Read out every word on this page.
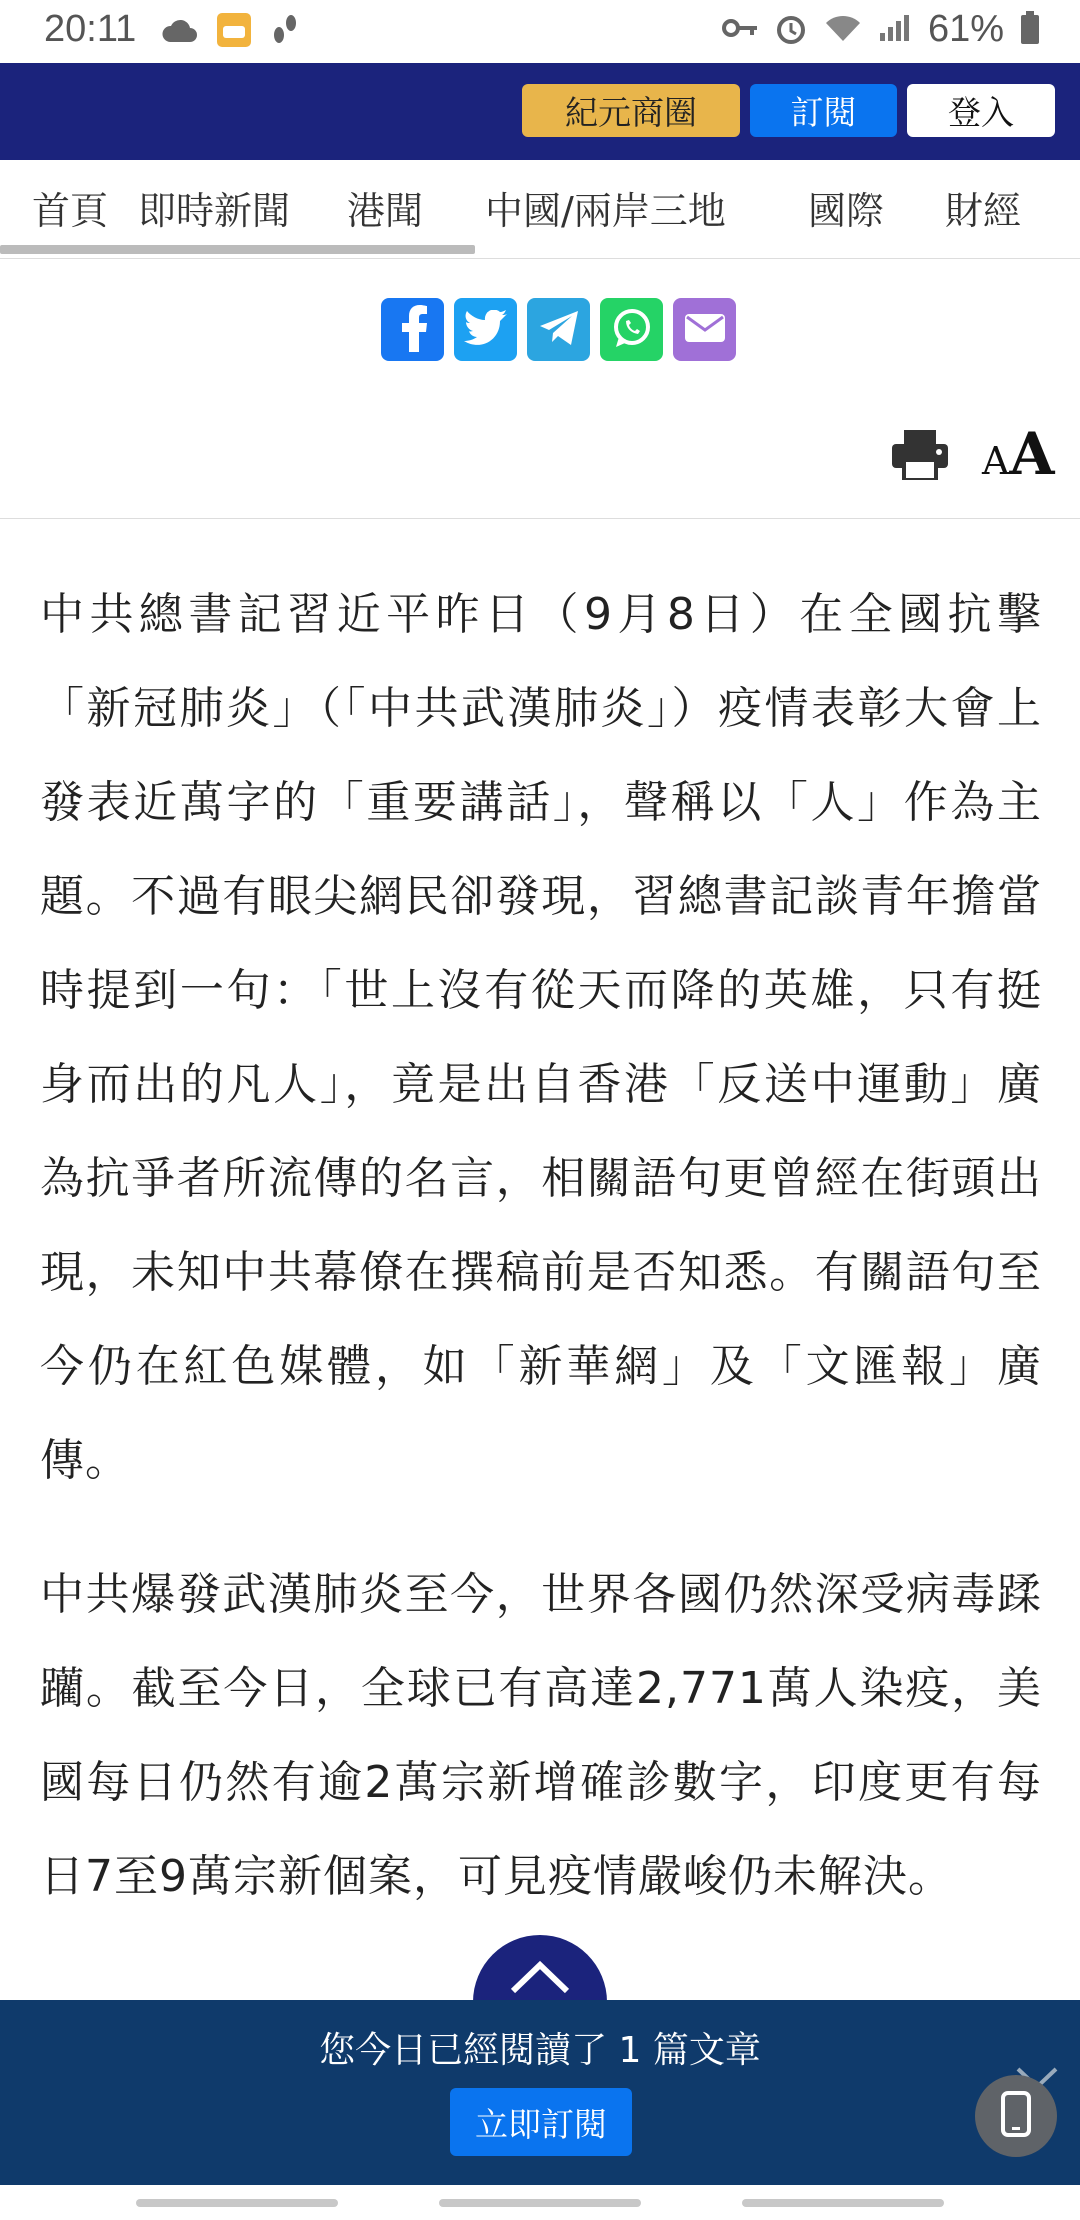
20:11	61%
紀元商圈	訂閱	登入
首頁 即時新聞 港聞 中國/兩岸三地 國際 財經
AA

中共總書記習近平昨日（9月8日）在全國抗擊「新冠肺炎」（「中共武漢肺炎」）疫情表彰大會上發表近萬字的「重要講話」，聲稱以「人」作為主題。不過有眼尖網民卻發現，習總書記談青年擔當時提到一句：「世上沒有從天而降的英雄，只有挺身而出的凡人」，竟是出自香港「反送中運動」廣為抗爭者所流傳的名言，相關語句更曾經在街頭出現，未知中共幕僚在撰稿前是否知悉。有關語句至今仍在紅色媒體，如「新華網」及「文匯報」廣傳。

中共爆發武漢肺炎至今，世界各國仍然深受病毒蹂躪。截至今日，全球已有高達2,771萬人染疫，美國每日仍然有逾2萬宗新增確診數字，印度更有每日7至9萬宗新個案，可見疫情嚴峻仍未解決。

您今日已經閱讀了 1 篇文章
立即訂閱
